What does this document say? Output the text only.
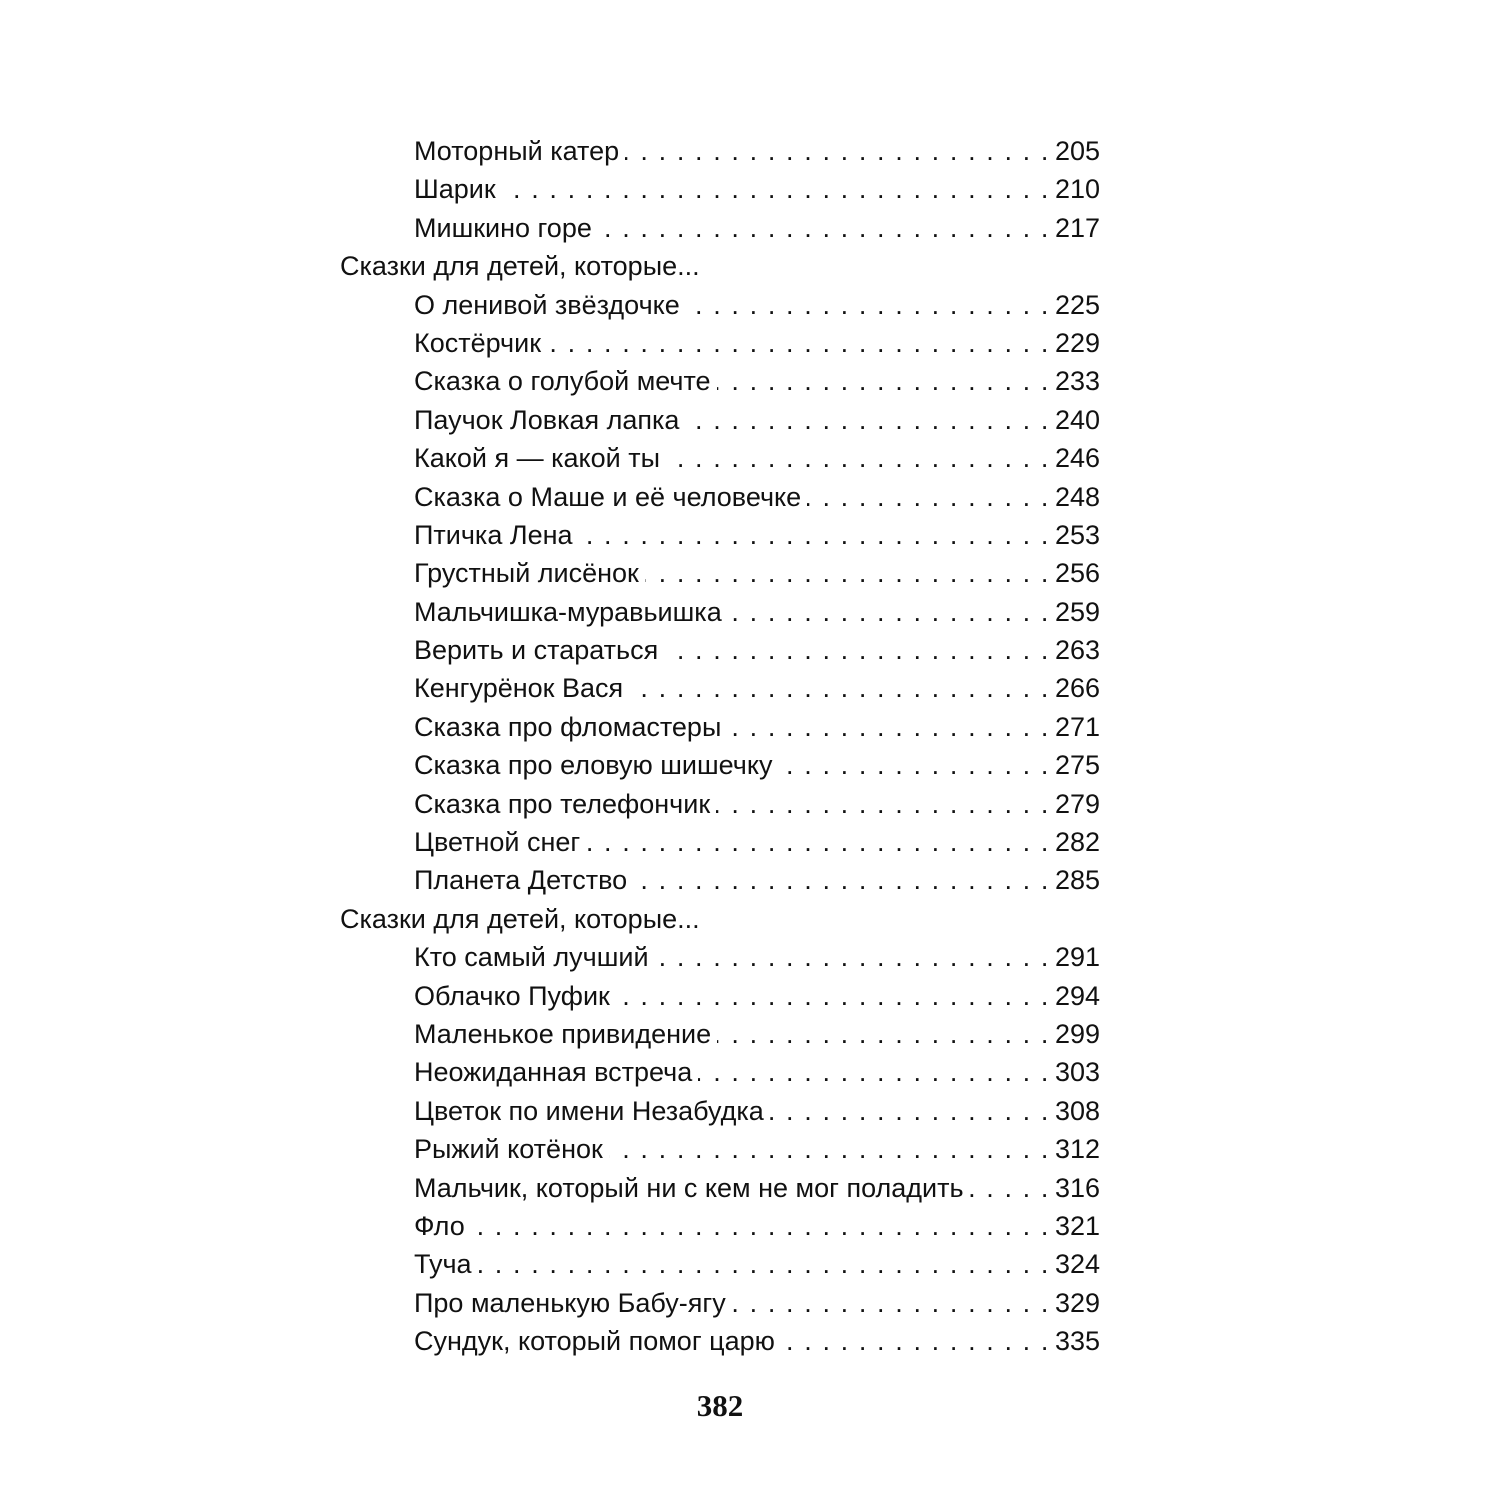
Моторный катер . . .	205
Шарик . . .	210
Мишкино горе . . .	217
Сказки для детей, которые...
О ленивой звёздочке . . .	225
Костёрчик . . .	229
Сказка о голубой мечте . . .	233
Паучок Ловкая лапка . . .	240
Какой я — какой ты . . .	246
Сказка о Маше и её человечке . . .	248
Птичка Лена . . .	253
Грустный лисёнок . . .	256
Мальчишка-муравьишка . . .	259
Верить и стараться . . .	263
Кенгурёнок Вася . . .	266
Сказка про фломастеры . . .	271
Сказка про еловую шишечку . . .	275
Сказка про телефончик . . .	279
Цветной снег . . .	282
Планета Детство . . .	285
Сказки для детей, которые...
Кто самый лучший . . .	291
Облачко Пуфик . . .	294
Маленькое привидение . . .	299
Неожиданная встреча . . .	303
Цветок по имени Незабудка . . .	308
Рыжий котёнок . . .	312
Мальчик, который ни с кем не мог поладить . . .	316
Фло . . .	321
Туча . . .	324
Про маленькую Бабу-ягу . . .	329
Сундук, который помог царю . . .	335
382
